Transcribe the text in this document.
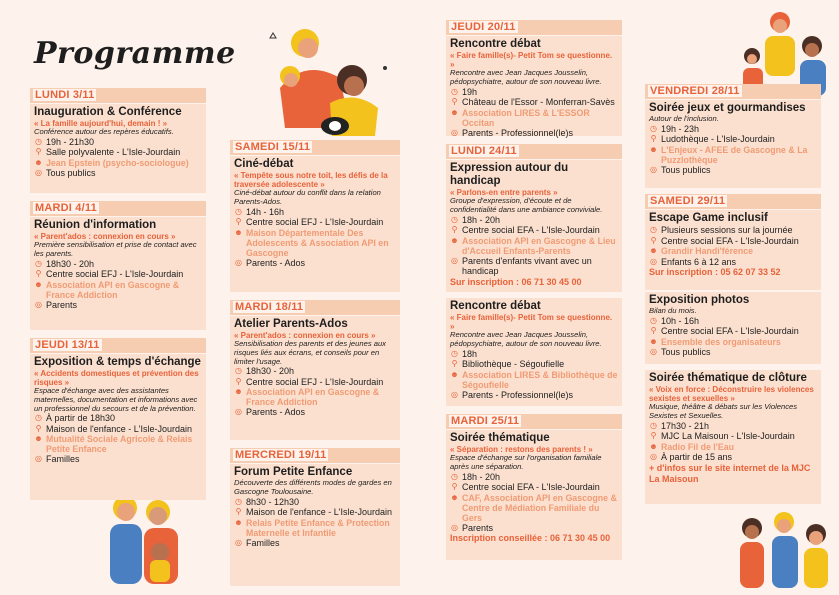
Programme
LUNDI 3/11
Inauguration & Conférence
« La famille aujourd'hui, demain ! »
Conférence autour des repères éducatifs.
◷ 19h - 21h30
⚲ Salle polyvalente - L'Isle-Jourdain
☻ Jean Epstein (psycho-sociologue)
◎ Tous publics
MARDI 4/11
Réunion d'information
« Parent'ados : connexion en cours »
Première sensibilisation et prise de contact avec les parents.
◷ 18h30 - 20h
⚲ Centre social EFJ - L'Isle-Jourdain
☻ Association API en Gascogne & France Addiction
◎ Parents
JEUDI 13/11
Exposition & temps d'échange
« Accidents domestiques et prévention des risques »
Espace d'échange avec des assistantes maternelles, documentation et informations avec un professionnel du secours et de la prévention.
◷ À partir de 18h30
⚲ Maison de l'enfance - L'Isle-Jourdain
☻ Mutualité Sociale Agricole & Relais Petite Enfance
◎ Familles
SAMEDI 15/11
Ciné-débat
« Tempête sous notre toit, les défis de la traversée adolescente »
Ciné-débat autour du conflit dans la relation Parents-Ados.
◷ 14h - 16h
⚲ Centre social EFJ - L'Isle-Jourdain
☻ Maison Départementale Des Adolescents & Association API en Gascogne
◎ Parents - Ados
MARDI 18/11
Atelier Parents-Ados
« Parent'ados : connexion en cours »
Sensibilisation des parents et des jeunes aux risques liés aux écrans, et conseils pour en limiter l'usage.
◷ 18h30 - 20h
⚲ Centre social EFJ - L'Isle-Jourdain
☻ Association API en Gascogne & France Addiction
◎ Parents - Ados
MERCREDI 19/11
Forum Petite Enfance
Découverte des différents modes de gardes en Gascogne Toulousaine.
◷ 8h30 - 12h30
⚲ Maison de l'enfance - L'Isle-Jourdain
☻ Relais Petite Enfance & Protection Maternelle et Infantile
◎ Familles
JEUDI 20/11
Rencontre débat
« Faire famille(s)- Petit Tom se questionne. »
Rencontre avec Jean Jacques Jousselin, pédopsychiatre, autour de son nouveau livre.
◷ 19h
⚲ Château de l'Essor - Monferran-Savès
☻ Association LIRES & L'ESSOR Occitan
◎ Parents - Professionnel(le)s
LUNDI 24/11
Expression autour du handicap
« Parlons-en entre parents »
Groupe d'expression, d'écoute et de confidentialité dans une ambiance conviviale.
◷ 18h - 20h
⚲ Centre social EFA - L'Isle-Jourdain
☻ Association API en Gascogne & Lieu d'Accueil Enfants-Parents
◎ Parents d'enfants vivant avec un handicap
Sur inscription : 06 71 30 45 00
Rencontre débat
« Faire famille(s)- Petit Tom se questionne. »
Rencontre avec Jean Jacques Jousselin, pédopsychiatre, autour de son nouveau livre.
◷ 18h
⚲ Bibliothèque - Ségoufielle
☻ Association LIRES & Bibliothèque de Ségoufielle
◎ Parents - Professionnel(le)s
MARDI 25/11
Soirée thématique
« Séparation : restons des parents ! »
Espace d'échange sur l'organisation familiale après une séparation.
◷ 18h - 20h
⚲ Centre social EFA - L'Isle-Jourdain
☻ CAF, Association API en Gascogne & Centre de Médiation Familiale du Gers
◎ Parents
Inscription conseillée : 06 71 30 45 00
VENDREDI 28/11
Soirée jeux et gourmandises
Autour de l'inclusion.
◷ 19h - 23h
⚲ Ludothèque - L'Isle-Jourdain
☻ L'Enjeux - AFEE de Gascogne & La Puzzlothèque
◎ Tous publics
SAMEDI 29/11
Escape Game inclusif
◷ Plusieurs sessions sur la journée
⚲ Centre social EFA - L'Isle-Jourdain
☻ Grandir Handi'férence
◎ Enfants 6 à 12 ans
Sur inscription : 05 62 07 33 52
Exposition photos
Bilan du mois.
◷ 10h - 16h
⚲ Centre social EFA - L'Isle-Jourdain
☻ Ensemble des organisateurs
◎ Tous publics
Soirée thématique de clôture
« Voix en force : Déconstruire les violences sexistes et sexuelles »
Musique, théâtre & débats sur les Violences Sexistes et Sexuelles.
◷ 17h30 - 21h
⚲ MJC La Maisoun - L'Isle-Jourdain
☻ Radio Fil de l'Eau
◎ À partir de 15 ans
+ d'infos sur le site internet de la MJC La Maisoun
